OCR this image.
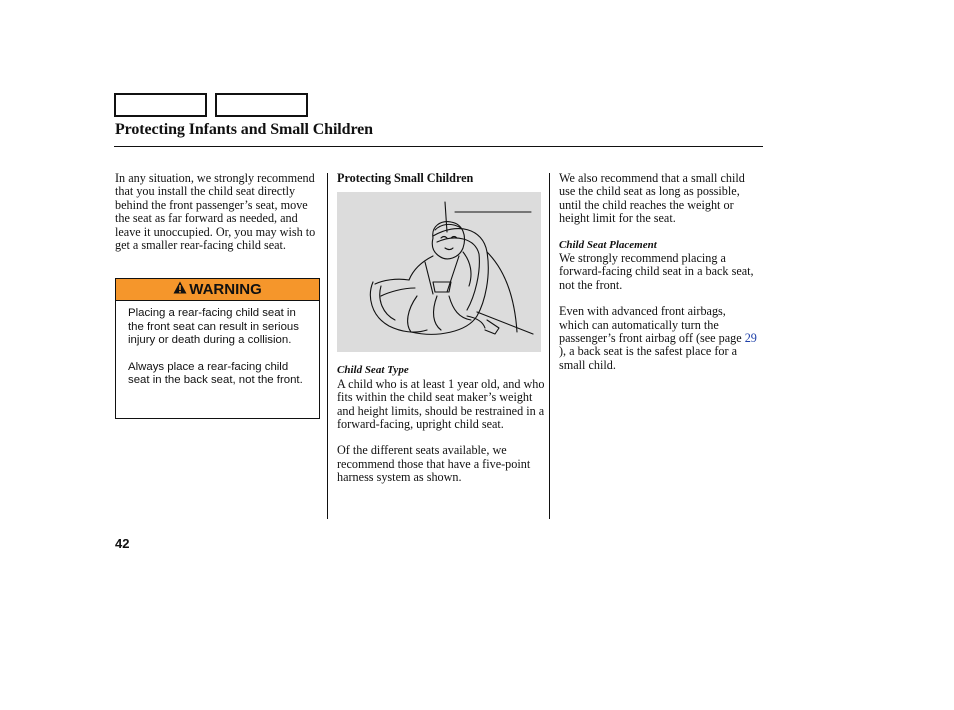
Protecting Infants and Small Children

In any situation, we strongly recommend that you install the child seat directly behind the front passenger’s seat, move the seat as far forward as needed, and leave it unoccupied. Or, you may wish to get a smaller rear-facing child seat.

WARNING

Placing a rear-facing child seat in the front seat can result in serious injury or death during a collision.

Always place a rear-facing child seat in the back seat, not the front.

Protecting Small Children

Child Seat Type

A child who is at least 1 year old, and who fits within the child seat maker’s weight and height limits, should be restrained in a forward-facing, upright child seat.

Of the different seats available, we recommend those that have a five-point harness system as shown.

We also recommend that a small child use the child seat as long as possible, until the child reaches the weight or height limit for the seat.

Child Seat Placement

We strongly recommend placing a forward-facing child seat in a back seat, not the front.

Even with advanced front airbags, which can automatically turn the passenger’s front airbag off (see page 29 ), a back seat is the safest place for a small child.

42
